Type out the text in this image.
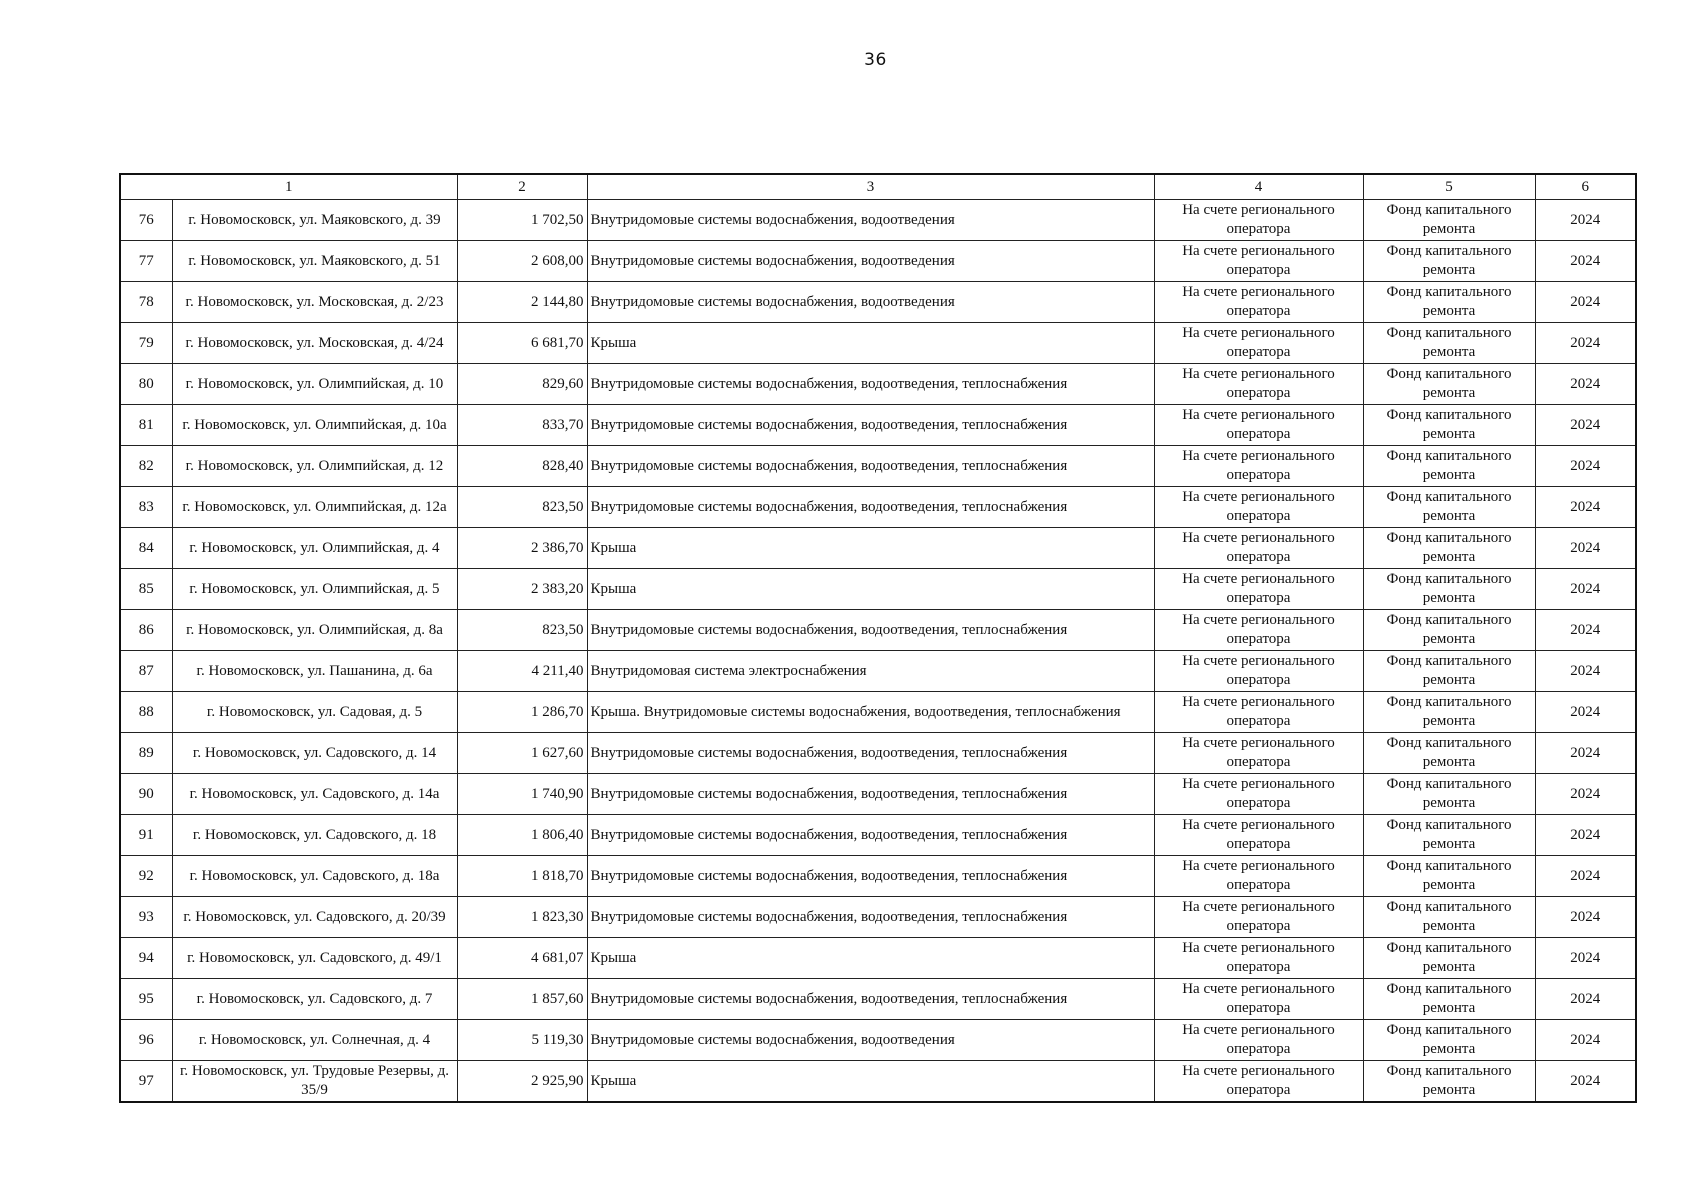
36
1		2	3	4	5	6
76	г. Новомосковск, ул. Маяковского, д. 39	1 702,50	Внутридомовые системы водоснабжения, водоотведения	На счете регионального оператора	Фонд капитального ремонта	2024
77	г. Новомосковск, ул. Маяковского, д. 51	2 608,00	Внутридомовые системы водоснабжения, водоотведения	На счете регионального оператора	Фонд капитального ремонта	2024
78	г. Новомосковск, ул. Московская, д. 2/23	2 144,80	Внутридомовые системы водоснабжения, водоотведения	На счете регионального оператора	Фонд капитального ремонта	2024
79	г. Новомосковск, ул. Московская, д. 4/24	6 681,70	Крыша	На счете регионального оператора	Фонд капитального ремонта	2024
80	г. Новомосковск, ул. Олимпийская, д. 10	829,60	Внутридомовые системы водоснабжения, водоотведения, теплоснабжения	На счете регионального оператора	Фонд капитального ремонта	2024
81	г. Новомосковск, ул. Олимпийская, д. 10а	833,70	Внутридомовые системы водоснабжения, водоотведения, теплоснабжения	На счете регионального оператора	Фонд капитального ремонта	2024
82	г. Новомосковск, ул. Олимпийская, д. 12	828,40	Внутридомовые системы водоснабжения, водоотведения, теплоснабжения	На счете регионального оператора	Фонд капитального ремонта	2024
83	г. Новомосковск, ул. Олимпийская, д. 12а	823,50	Внутридомовые системы водоснабжения, водоотведения, теплоснабжения	На счете регионального оператора	Фонд капитального ремонта	2024
84	г. Новомосковск, ул. Олимпийская, д. 4	2 386,70	Крыша	На счете регионального оператора	Фонд капитального ремонта	2024
85	г. Новомосковск, ул. Олимпийская, д. 5	2 383,20	Крыша	На счете регионального оператора	Фонд капитального ремонта	2024
86	г. Новомосковск, ул. Олимпийская, д. 8а	823,50	Внутридомовые системы водоснабжения, водоотведения, теплоснабжения	На счете регионального оператора	Фонд капитального ремонта	2024
87	г. Новомосковск, ул. Пашанина, д. 6а	4 211,40	Внутридомовая система электроснабжения	На счете регионального оператора	Фонд капитального ремонта	2024
88	г. Новомосковск, ул. Садовая, д. 5	1 286,70	Крыша. Внутридомовые системы водоснабжения, водоотведения, теплоснабжения	На счете регионального оператора	Фонд капитального ремонта	2024
89	г. Новомосковск, ул. Садовского, д. 14	1 627,60	Внутридомовые системы водоснабжения, водоотведения, теплоснабжения	На счете регионального оператора	Фонд капитального ремонта	2024
90	г. Новомосковск, ул. Садовского, д. 14а	1 740,90	Внутридомовые системы водоснабжения, водоотведения, теплоснабжения	На счете регионального оператора	Фонд капитального ремонта	2024
91	г. Новомосковск, ул. Садовского, д. 18	1 806,40	Внутридомовые системы водоснабжения, водоотведения, теплоснабжения	На счете регионального оператора	Фонд капитального ремонта	2024
92	г. Новомосковск, ул. Садовского, д. 18а	1 818,70	Внутридомовые системы водоснабжения, водоотведения, теплоснабжения	На счете регионального оператора	Фонд капитального ремонта	2024
93	г. Новомосковск, ул. Садовского, д. 20/39	1 823,30	Внутридомовые системы водоснабжения, водоотведения, теплоснабжения	На счете регионального оператора	Фонд капитального ремонта	2024
94	г. Новомосковск, ул. Садовского, д. 49/1	4 681,07	Крыша	На счете регионального оператора	Фонд капитального ремонта	2024
95	г. Новомосковск, ул. Садовского, д. 7	1 857,60	Внутридомовые системы водоснабжения, водоотведения, теплоснабжения	На счете регионального оператора	Фонд капитального ремонта	2024
96	г. Новомосковск, ул. Солнечная, д. 4	5 119,30	Внутридомовые системы водоснабжения, водоотведения	На счете регионального оператора	Фонд капитального ремонта	2024
97	г. Новомосковск, ул. Трудовые Резервы, д. 35/9	2 925,90	Крыша	На счете регионального оператора	Фонд капитального ремонта	2024
